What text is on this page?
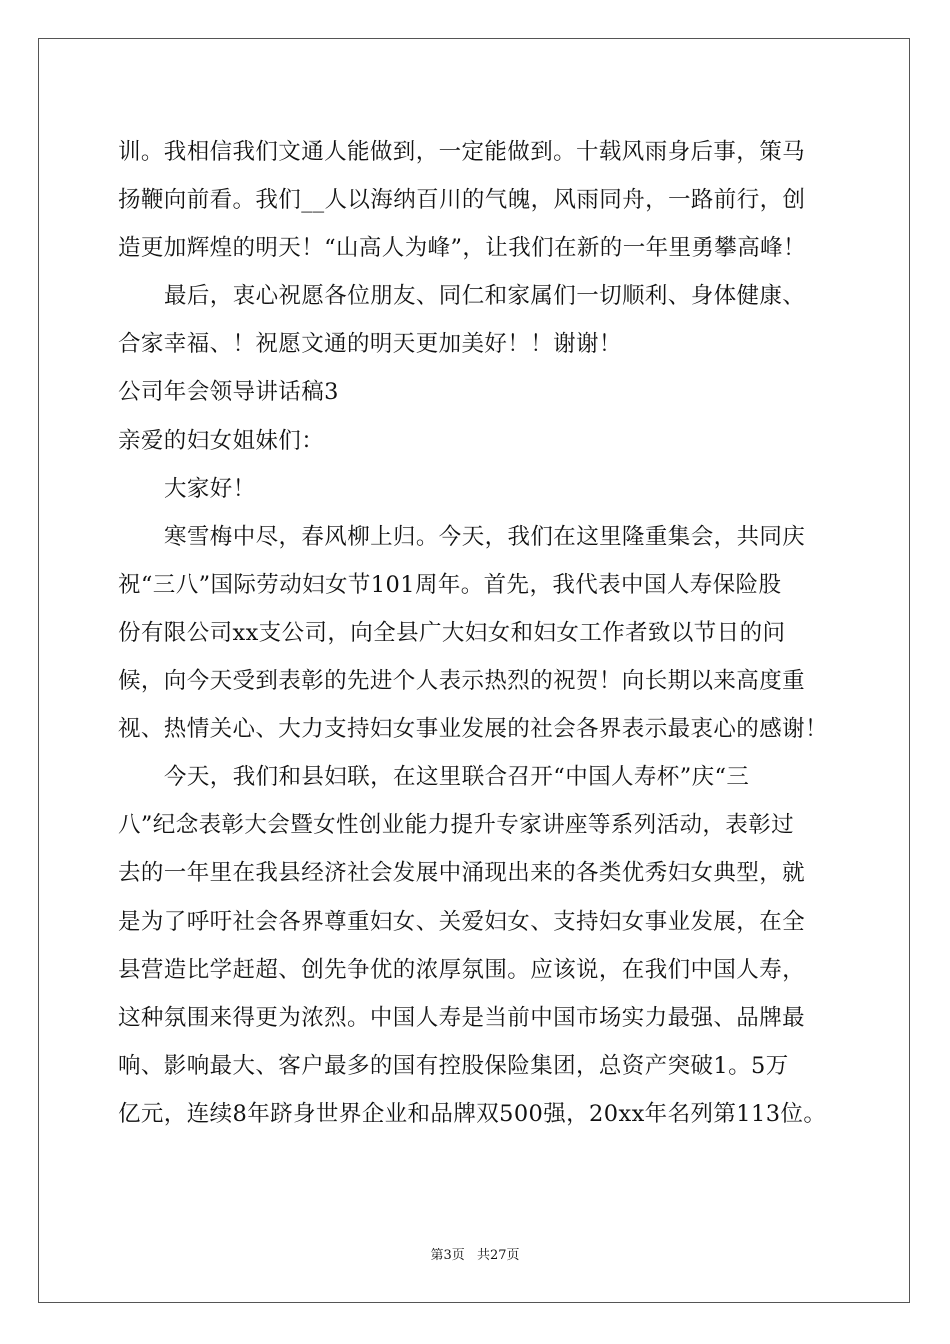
训。我相信我们文通人能做到，一定能做到。十载风雨身后事，策马
扬鞭向前看。我们__人以海纳百川的气魄，风雨同舟，一路前行，创
造更加辉煌的明天！“山高人为峰”，让我们在新的一年里勇攀高峰！
最后，衷心祝愿各位朋友、同仁和家属们一切顺利、身体健康、
合家幸福、！祝愿文通的明天更加美好！！谢谢！
公司年会领导讲话稿3
亲爱的妇女姐妹们：
大家好！
寒雪梅中尽，春风柳上归。今天，我们在这里隆重集会，共同庆
祝“三八”国际劳动妇女节101周年。首先，我代表中国人寿保险股
份有限公司xx支公司，向全县广大妇女和妇女工作者致以节日的问
候，向今天受到表彰的先进个人表示热烈的祝贺！向长期以来高度重
视、热情关心、大力支持妇女事业发展的社会各界表示最衷心的感谢！
今天，我们和县妇联，在这里联合召开“中国人寿杯”庆“三
八”纪念表彰大会暨女性创业能力提升专家讲座等系列活动，表彰过
去的一年里在我县经济社会发展中涌现出来的各类优秀妇女典型，就
是为了呼吁社会各界尊重妇女、关爱妇女、支持妇女事业发展，在全
县营造比学赶超、创先争优的浓厚氛围。应该说，在我们中国人寿，
这种氛围来得更为浓烈。中国人寿是当前中国市场实力最强、品牌最
响、影响最大、客户最多的国有控股保险集团，总资产突破1。5万
亿元，连续8年跻身世界企业和品牌双500强，20xx年名列第113位。
第3页 共27页
